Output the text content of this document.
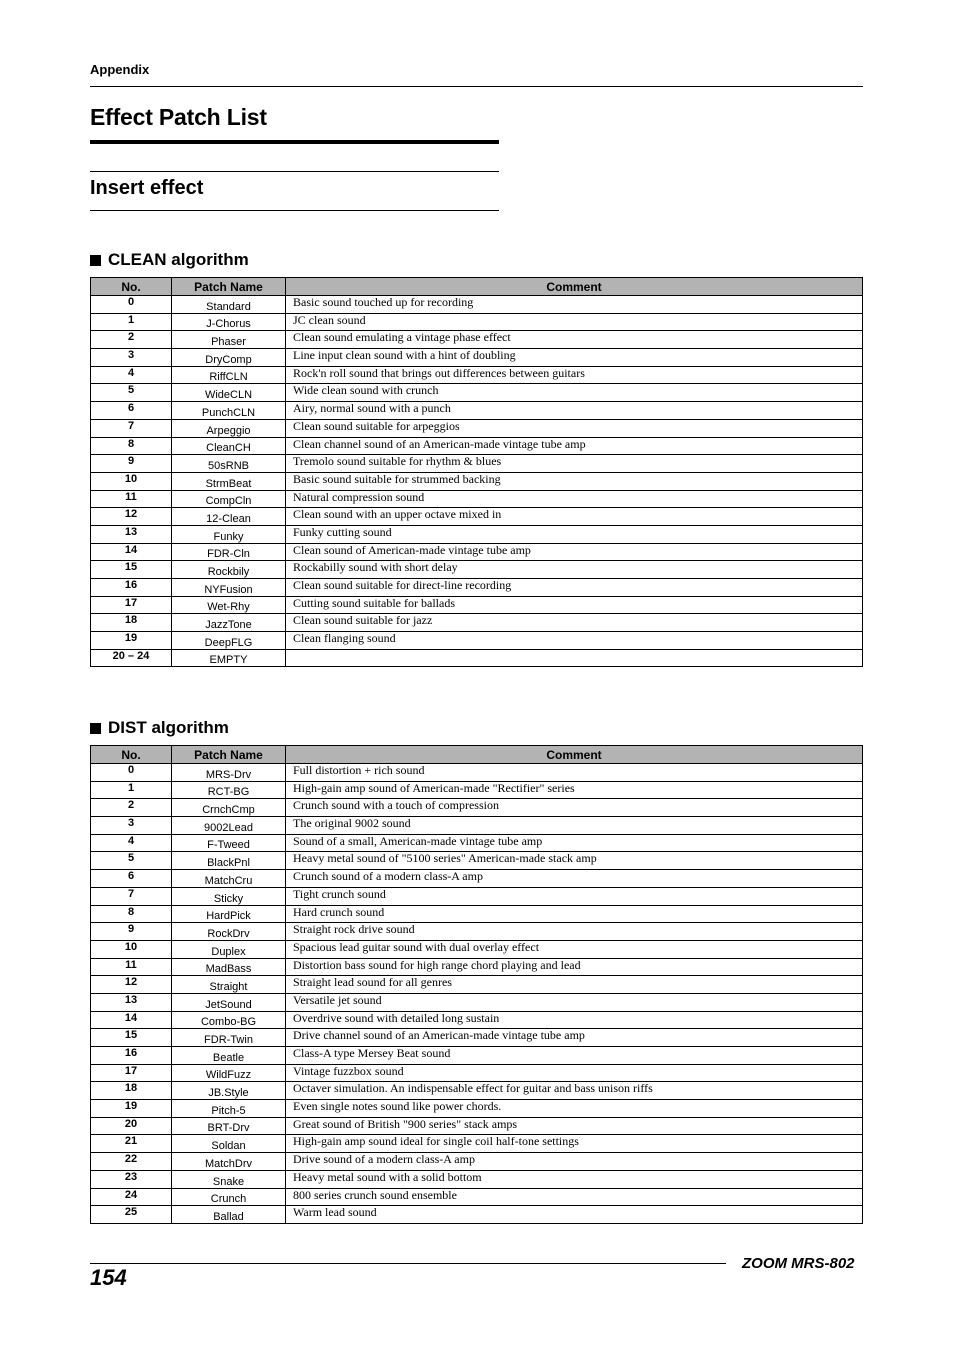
Appendix
Effect Patch List
Insert effect
CLEAN algorithm
No.	Patch Name	Comment
0	Standard	Basic sound touched up for recording
1	J-Chorus	JC clean sound
2	Phaser	Clean sound emulating a vintage phase effect
3	DryComp	Line input clean sound with a hint of doubling
4	RiffCLN	Rock'n roll sound that brings out differences between guitars
5	WideCLN	Wide clean sound with crunch
6	PunchCLN	Airy, normal sound with a punch
7	Arpeggio	Clean sound suitable for arpeggios
8	CleanCH	Clean channel sound of an American-made vintage tube amp
9	50sRNB	Tremolo sound suitable for rhythm & blues
10	StrmBeat	Basic sound suitable for strummed backing
11	CompCln	Natural compression sound
12	12-Clean	Clean sound with an upper octave mixed in
13	Funky	Funky cutting sound
14	FDR-Cln	Clean sound of American-made vintage tube amp
15	Rockbily	Rockabilly sound with short delay
16	NYFusion	Clean sound suitable for direct-line recording
17	Wet-Rhy	Cutting sound suitable for ballads
18	JazzTone	Clean sound suitable for jazz
19	DeepFLG	Clean flanging sound
20 – 24	EMPTY	
DIST algorithm
No.	Patch Name	Comment
0	MRS-Drv	Full distortion + rich sound
1	RCT-BG	High-gain amp sound of American-made "Rectifier" series
2	CrnchCmp	Crunch sound with a touch of compression
3	9002Lead	The original 9002 sound
4	F-Tweed	Sound of a small, American-made vintage tube amp
5	BlackPnl	Heavy metal sound of "5100 series" American-made stack amp
6	MatchCru	Crunch sound of a modern class-A amp
7	Sticky	Tight crunch sound
8	HardPick	Hard crunch sound
9	RockDrv	Straight rock drive sound
10	Duplex	Spacious lead guitar sound with dual overlay effect
11	MadBass	Distortion bass sound for high range chord playing and lead
12	Straight	Straight lead sound for all genres
13	JetSound	Versatile jet sound
14	Combo-BG	Overdrive sound with detailed long sustain
15	FDR-Twin	Drive channel sound of an American-made vintage tube amp
16	Beatle	Class-A type Mersey Beat sound
17	WildFuzz	Vintage fuzzbox sound
18	JB.Style	Octaver simulation. An indispensable effect for guitar and bass unison riffs
19	Pitch-5	Even single notes sound like power chords.
20	BRT-Drv	Great sound of British "900 series" stack amps
21	Soldan	High-gain amp sound ideal for single coil half-tone settings
22	MatchDrv	Drive sound of a modern class-A amp
23	Snake	Heavy metal sound with a solid bottom
24	Crunch	800 series crunch sound ensemble
25	Ballad	Warm lead sound
154
ZOOM MRS-802
